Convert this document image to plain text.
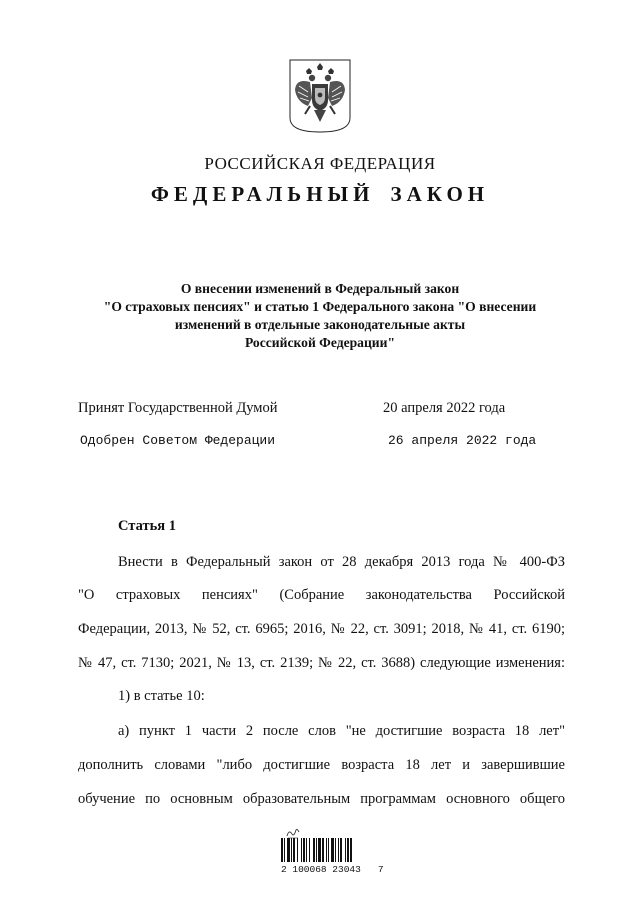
РОССИЙСКАЯ ФЕДЕРАЦИЯ
ФЕДЕРАЛЬНЫЙ ЗАКОН
О внесении изменений в Федеральный закон
"О страховых пенсиях" и статью 1 Федерального закона "О внесении
изменений в отдельные законодательные акты
Российской Федерации"
Принят Государственной Думой	20 апреля 2022 года
Одобрен Советом Федерации	26 апреля 2022 года
Статья 1
Внести в Федеральный закон от 28 декабря 2013 года № 400-ФЗ
"О страховых пенсиях" (Собрание законодательства Российской
Федерации, 2013, № 52, ст. 6965; 2016, № 22, ст. 3091; 2018, № 41, ст. 6190;
№ 47, ст. 7130; 2021, № 13, ст. 2139; № 22, ст. 3688) следующие изменения:
1) в статье 10:
а) пункт 1 части 2 после слов "не достигшие возраста 18 лет"
дополнить словами "либо достигшие возраста 18 лет и завершившие
обучение по основным образовательным программам основного общего
2 100068 23043   7
